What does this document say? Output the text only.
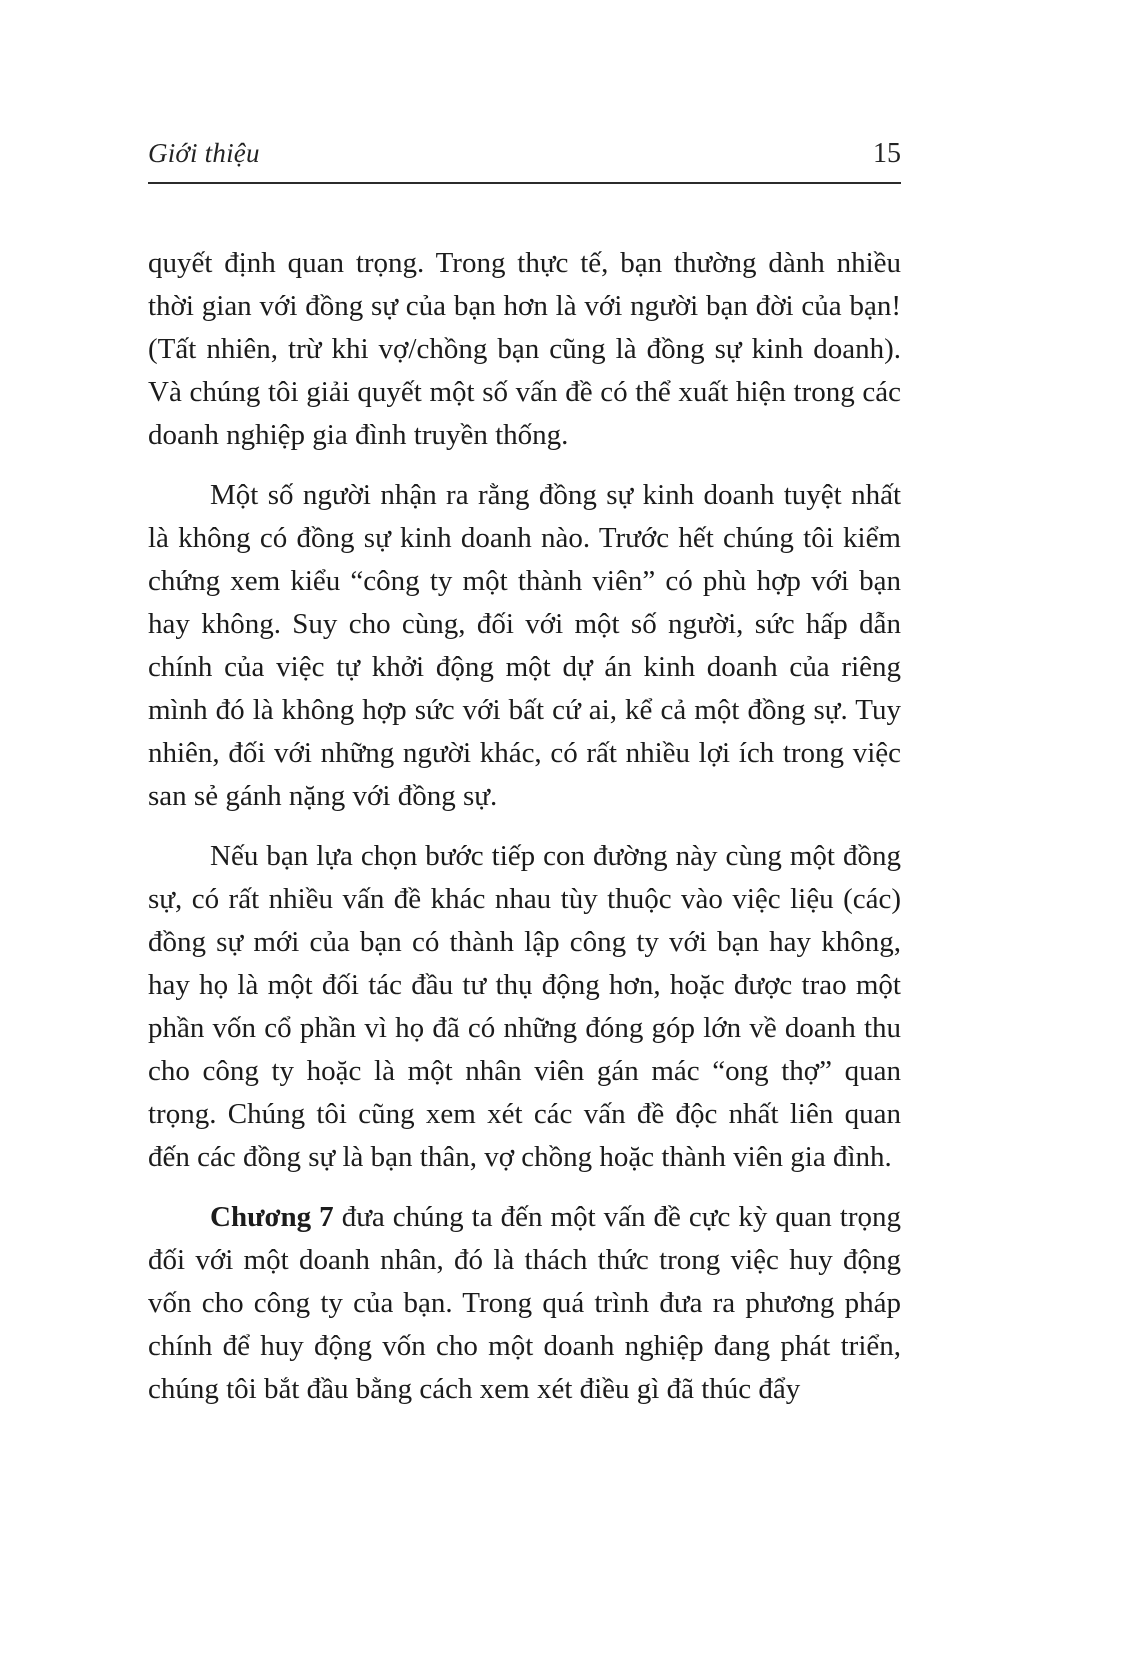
Giới thiệu	15

quyết định quan trọng. Trong thực tế, bạn thường dành nhiều thời gian với đồng sự của bạn hơn là với người bạn đời của bạn! (Tất nhiên, trừ khi vợ/chồng bạn cũng là đồng sự kinh doanh). Và chúng tôi giải quyết một số vấn đề có thể xuất hiện trong các doanh nghiệp gia đình truyền thống.

Một số người nhận ra rằng đồng sự kinh doanh tuyệt nhất là không có đồng sự kinh doanh nào. Trước hết chúng tôi kiểm chứng xem kiểu “công ty một thành viên” có phù hợp với bạn hay không. Suy cho cùng, đối với một số người, sức hấp dẫn chính của việc tự khởi động một dự án kinh doanh của riêng mình đó là không hợp sức với bất cứ ai, kể cả một đồng sự. Tuy nhiên, đối với những người khác, có rất nhiều lợi ích trong việc san sẻ gánh nặng với đồng sự.

Nếu bạn lựa chọn bước tiếp con đường này cùng một đồng sự, có rất nhiều vấn đề khác nhau tùy thuộc vào việc liệu (các) đồng sự mới của bạn có thành lập công ty với bạn hay không, hay họ là một đối tác đầu tư thụ động hơn, hoặc được trao một phần vốn cổ phần vì họ đã có những đóng góp lớn về doanh thu cho công ty hoặc là một nhân viên gán mác “ong thợ” quan trọng. Chúng tôi cũng xem xét các vấn đề độc nhất liên quan đến các đồng sự là bạn thân, vợ chồng hoặc thành viên gia đình.

Chương 7 đưa chúng ta đến một vấn đề cực kỳ quan trọng đối với một doanh nhân, đó là thách thức trong việc huy động vốn cho công ty của bạn. Trong quá trình đưa ra phương pháp chính để huy động vốn cho một doanh nghiệp đang phát triển, chúng tôi bắt đầu bằng cách xem xét điều gì đã thúc đẩy
